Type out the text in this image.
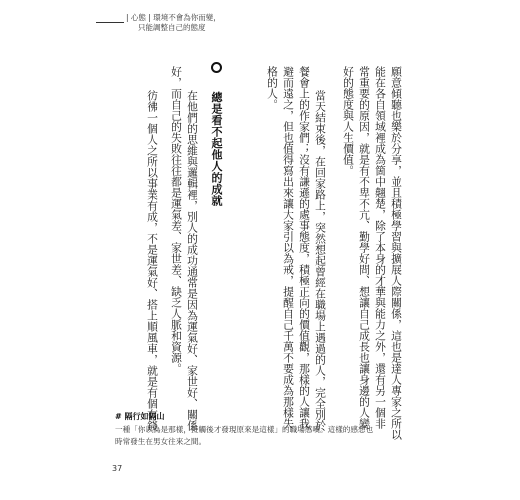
| 心態 | 環境不會為你而變，
只能調整自己的態度
願意傾聽也樂於分享，並且積極學習與擴展人際關係，這也是達人專家之所以
能在各自領域裡成為箇中翹楚，除了本身的才華與能力之外，還有另一個非
常重要的原因，就是有不卑不亢、勤學好問、想讓自己成長也讓身邊的人變
好的態度與人生價值。
當天結束後，在回家路上，突然想起曾經在職場上遇過的人，完全別於
餐會上的作家們；沒有謙遜的處事態度，積極正向的價值觀，那樣的人讓我
避而遠之，但也值得寫出來讓大家引以為戒，提醒自己千萬不要成為那樣失
格的人。
總是看不起他人的成就
在他們的思維與邏輯裡，別人的成功通常是因為運氣好、家世好、關係
好，而自己的失敗往往都是運氣差、家世差、缺乏人脈和資源。
彷彿一個人之所以事業有成，不是運氣好、搭上順風車，就是有個有錢
# 隔行如隔山
一種「你以為是那樣，接觸後才發現原來是這樣」的職場感嘆。這樣的感想也
時常發生在男女往來之間。
37
